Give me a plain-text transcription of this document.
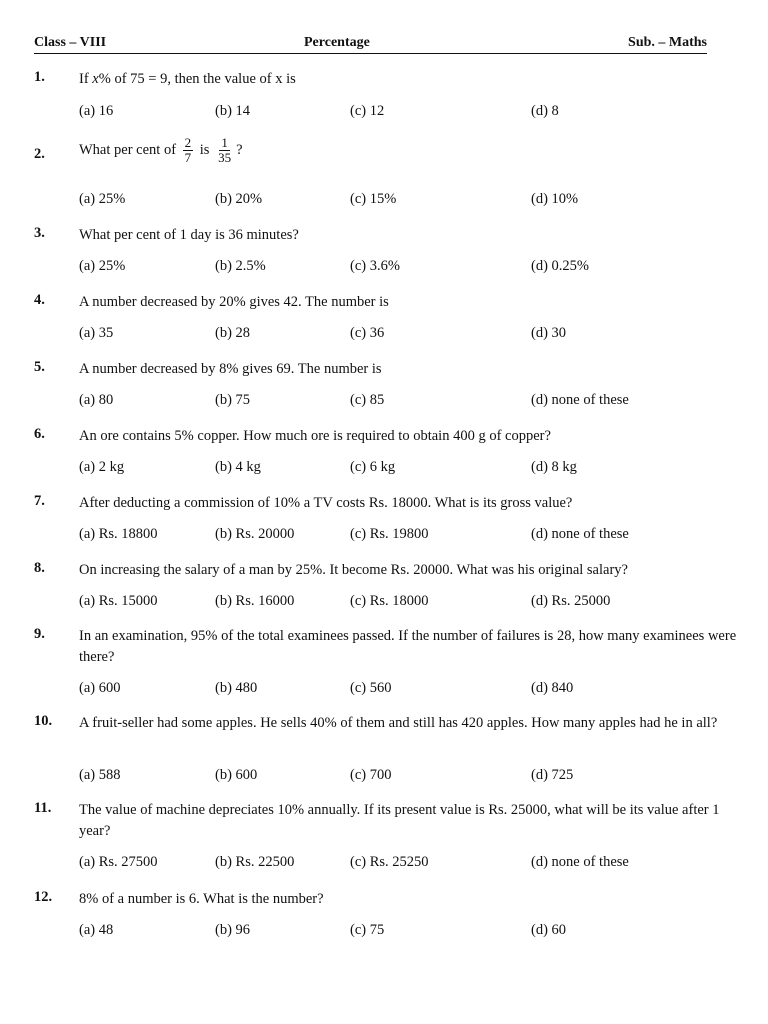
Class – VIII	Percentage	Sub. – Maths
1. If x% of 75 = 9, then the value of x is
(a) 16	(b) 14	(c) 12	(d) 8
2. What per cent of $\frac{2}{7}$ is $\frac{1}{35}$ ?
(a) 25%	(b) 20%	(c) 15%	(d) 10%
3. What per cent of 1 day is 36 minutes?
(a) 25%	(b) 2.5%	(c) 3.6%	(d) 0.25%
4. A number decreased by 20% gives 42. The number is
(a) 35	(b) 28	(c) 36	(d) 30
5. A number decreased by 8% gives 69. The number is
(a) 80	(b) 75	(c) 85	(d) none of these
6. An ore contains 5% copper. How much ore is required to obtain 400 g of copper?
(a) 2 kg	(b) 4 kg	(c) 6 kg	(d) 8 kg
7. After deducting a commission of 10% a TV costs Rs. 18000. What is its gross value?
(a) Rs. 18800	(b) Rs. 20000	(c) Rs. 19800	(d) none of these
8. On increasing the salary of a man by 25%. It become Rs. 20000. What was his original salary?
(a) Rs. 15000	(b) Rs. 16000	(c) Rs. 18000	(d) Rs. 25000
9. In an examination, 95% of the total examinees passed. If the number of failures is 28, how many examinees were there?
(a) 600	(b) 480	(c) 560	(d) 840
10. A fruit-seller had some apples. He sells 40% of them and still has 420 apples. How many apples had he in all?
(a) 588	(b) 600	(c) 700	(d) 725
11. The value of machine depreciates 10% annually. If its present value is Rs. 25000, what will be its value after 1 year?
(a) Rs. 27500	(b) Rs. 22500	(c) Rs. 25250	(d) none of these
12. 8% of a number is 6. What is the number?
(a) 48	(b) 96	(c) 75	(d) 60
